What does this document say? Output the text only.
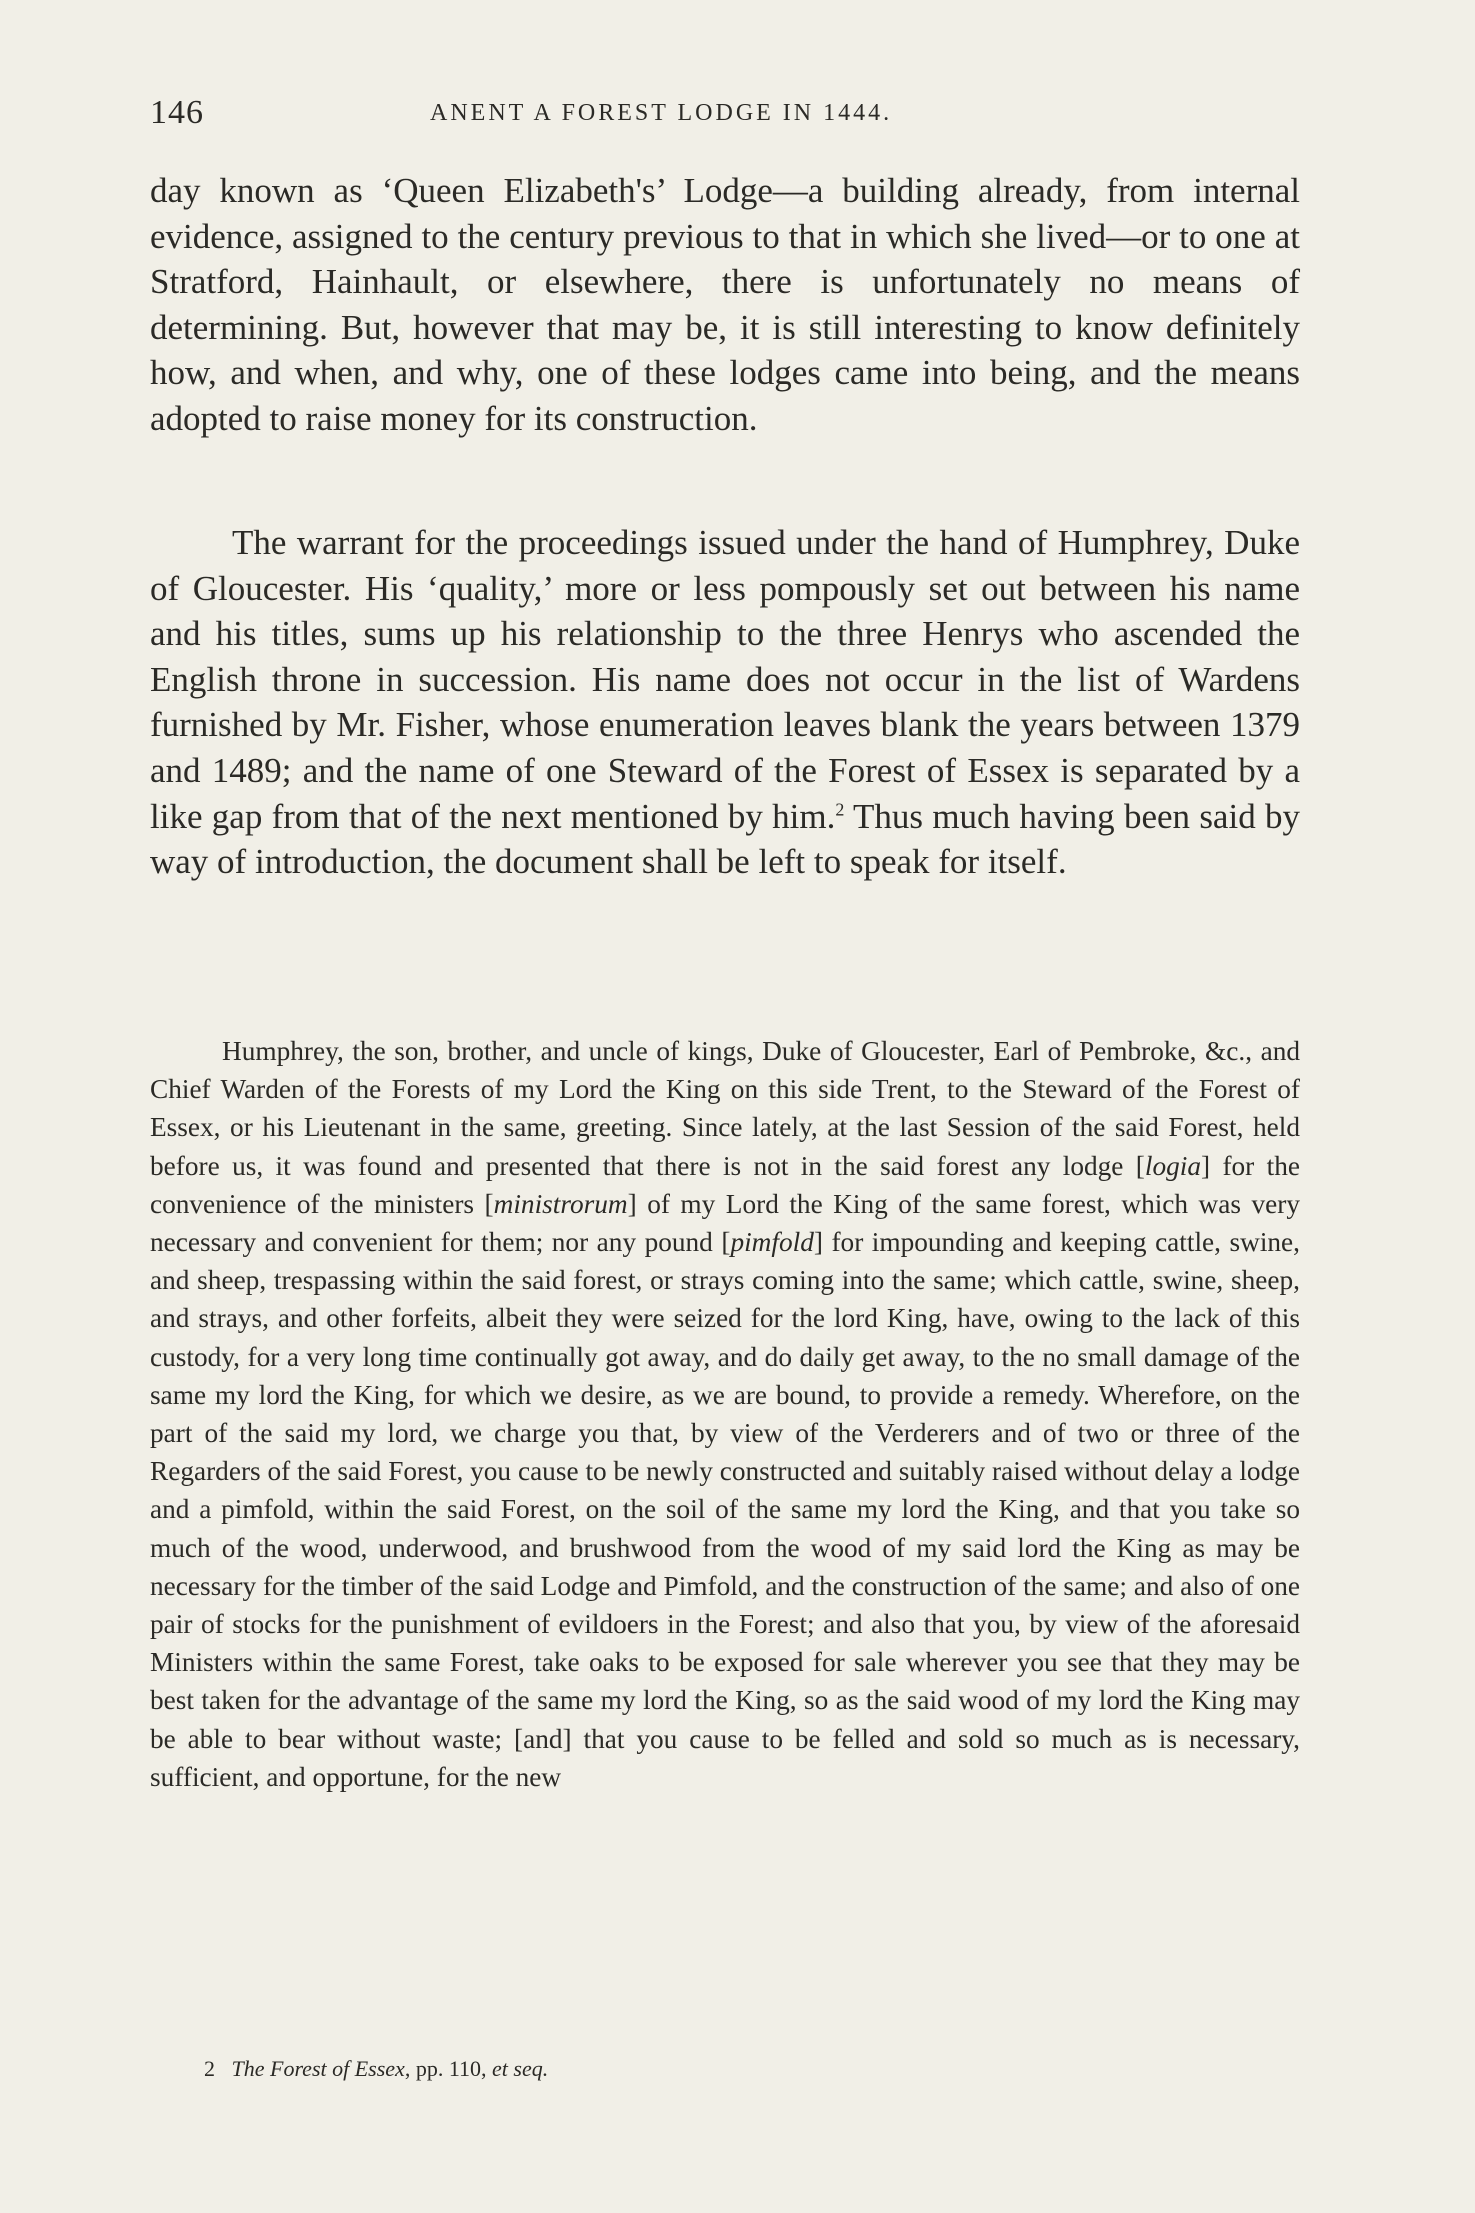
146	ANENT A FOREST LODGE IN 1444.

day known as ‘Queen Elizabeth's’ Lodge—a building already, from internal evidence, assigned to the century previous to that in which she lived—or to one at Stratford, Hainhault, or elsewhere, there is unfortunately no means of determining. But, however that may be, it is still interesting to know definitely how, and when, and why, one of these lodges came into being, and the means adopted to raise money for its construction.

The warrant for the proceedings issued under the hand of Humphrey, Duke of Gloucester. His ‘quality,’ more or less pompously set out between his name and his titles, sums up his relationship to the three Henrys who ascended the English throne in succession. His name does not occur in the list of Wardens furnished by Mr. Fisher, whose enumeration leaves blank the years between 1379 and 1489; and the name of one Steward of the Forest of Essex is separated by a like gap from that of the next mentioned by him.$^2$ Thus much having been said by way of introduction, the document shall be left to speak for itself.

Humphrey, the son, brother, and uncle of kings, Duke of Gloucester, Earl of Pembroke, &c., and Chief Warden of the Forests of my Lord the King on this side Trent, to the Steward of the Forest of Essex, or his Lieutenant in the same, greeting. Since lately, at the last Session of the said Forest, held before us, it was found and presented that there is not in the said forest any lodge [logia] for the convenience of the ministers [ministrorum] of my Lord the King of the same forest, which was very necessary and convenient for them; nor any pound [pimfold] for impounding and keeping cattle, swine, and sheep, trespassing within the said forest, or strays coming into the same; which cattle, swine, sheep, and strays, and other forfeits, albeit they were seized for the lord King, have, owing to the lack of this custody, for a very long time continually got away, and do daily get away, to the no small damage of the same my lord the King, for which we desire, as we are bound, to provide a remedy. Wherefore, on the part of the said my lord, we charge you that, by view of the Verderers and of two or three of the Regarders of the said Forest, you cause to be newly constructed and suitably raised without delay a lodge and a pimfold, within the said Forest, on the soil of the same my lord the King, and that you take so much of the wood, underwood, and brushwood from the wood of my said lord the King as may be necessary for the timber of the said Lodge and Pimfold, and the construction of the same; and also of one pair of stocks for the punishment of evildoers in the Forest; and also that you, by view of the aforesaid Ministers within the same Forest, take oaks to be exposed for sale wherever you see that they may be best taken for the advantage of the same my lord the King, so as the said wood of my lord the King may be able to bear without waste; [and] that you cause to be felled and sold so much as is necessary, sufficient, and opportune, for the new

2 The Forest of Essex, pp. 110, et seq.
